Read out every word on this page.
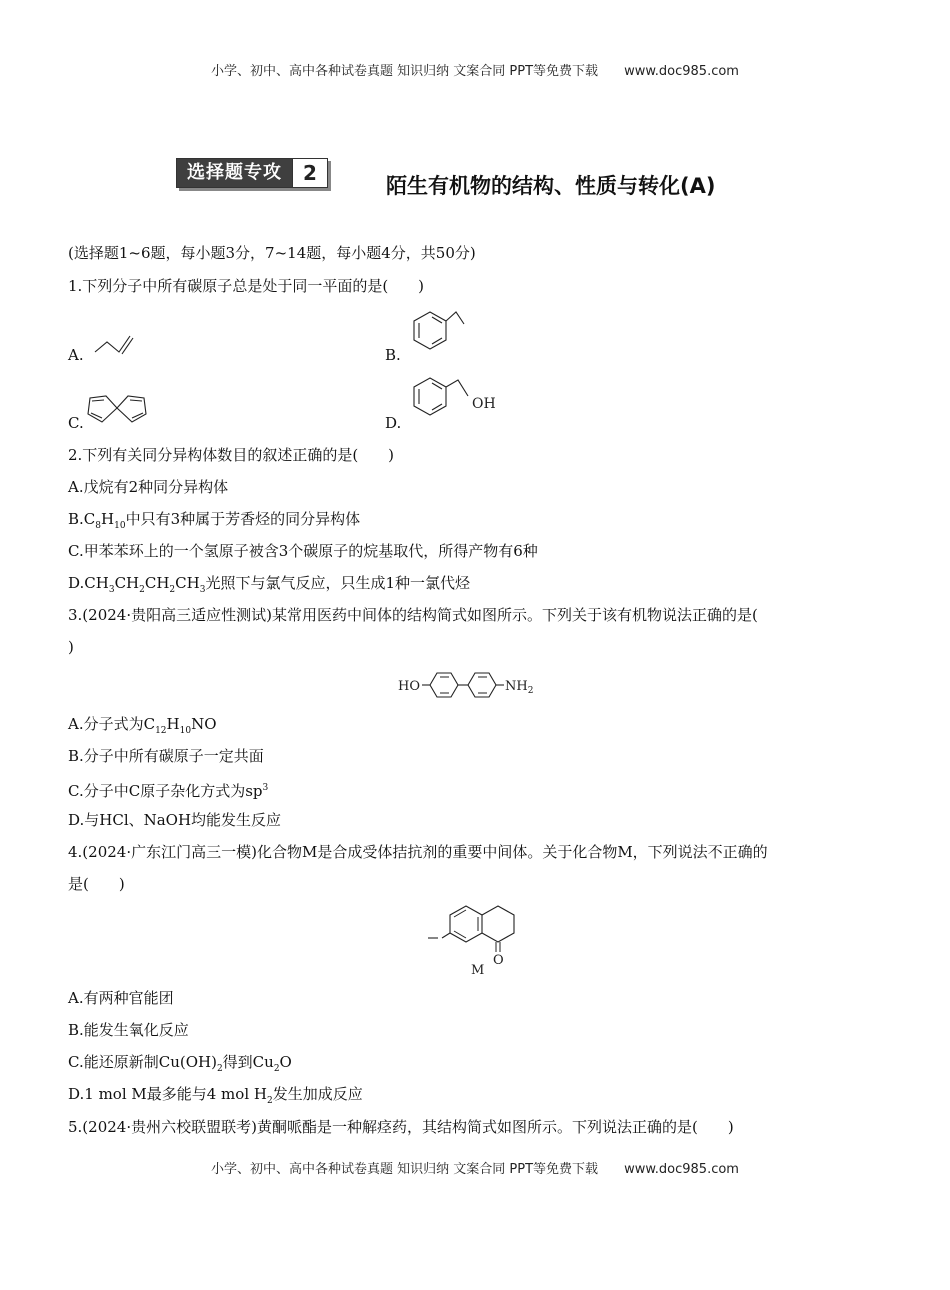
小学、初中、高中各种试卷真题 知识归纳 文案合同 PPT等免费下载 www.doc985.com
选择题专攻	2
陌生有机物的结构、性质与转化(A)
(选择题1~6题，每小题3分，7~14题，每小题4分，共50分)
1.下列分子中所有碳原子总是处于同一平面的是(　　)
A.	B.
C.	D.
OH
2.下列有关同分异构体数目的叙述正确的是(　　)
A.戊烷有2种同分异构体
$B.C_8H_{10}$中只有3种属于芳香烃的同分异构体
C.甲苯苯环上的一个氢原子被含3个碳原子的烷基取代，所得产物有6种
$D.CH_3CH_2CH_2CH_3$光照下与氯气反应，只生成1种一氯代烃
3.(2024·贵阳高三适应性测试)某常用医药中间体的结构简式如图所示。下列关于该有机物说法正确的是(
)
HO	$NH_2$
A.分子式为$C_{12}H_{10}NO$
B.分子中所有碳原子一定共面
C.分子中C原子杂化方式为$sp^3$
D.与HCl、NaOH均能发生反应
4.(2024·广东江门高三一模)化合物M是合成受体拮抗剂的重要中间体。关于化合物M，下列说法不正确的
是(　　)
O
M
A.有两种官能团
B.能发生氧化反应
C.能还原新制$Cu(OH)_2$得到$Cu_2O$
D.1 mol M最多能与4 mol $H_2$发生加成反应
5.(2024·贵州六校联盟联考)黄酮哌酯是一种解痉药，其结构简式如图所示。下列说法正确的是(　　)
小学、初中、高中各种试卷真题 知识归纳 文案合同 PPT等免费下载 www.doc985.com
